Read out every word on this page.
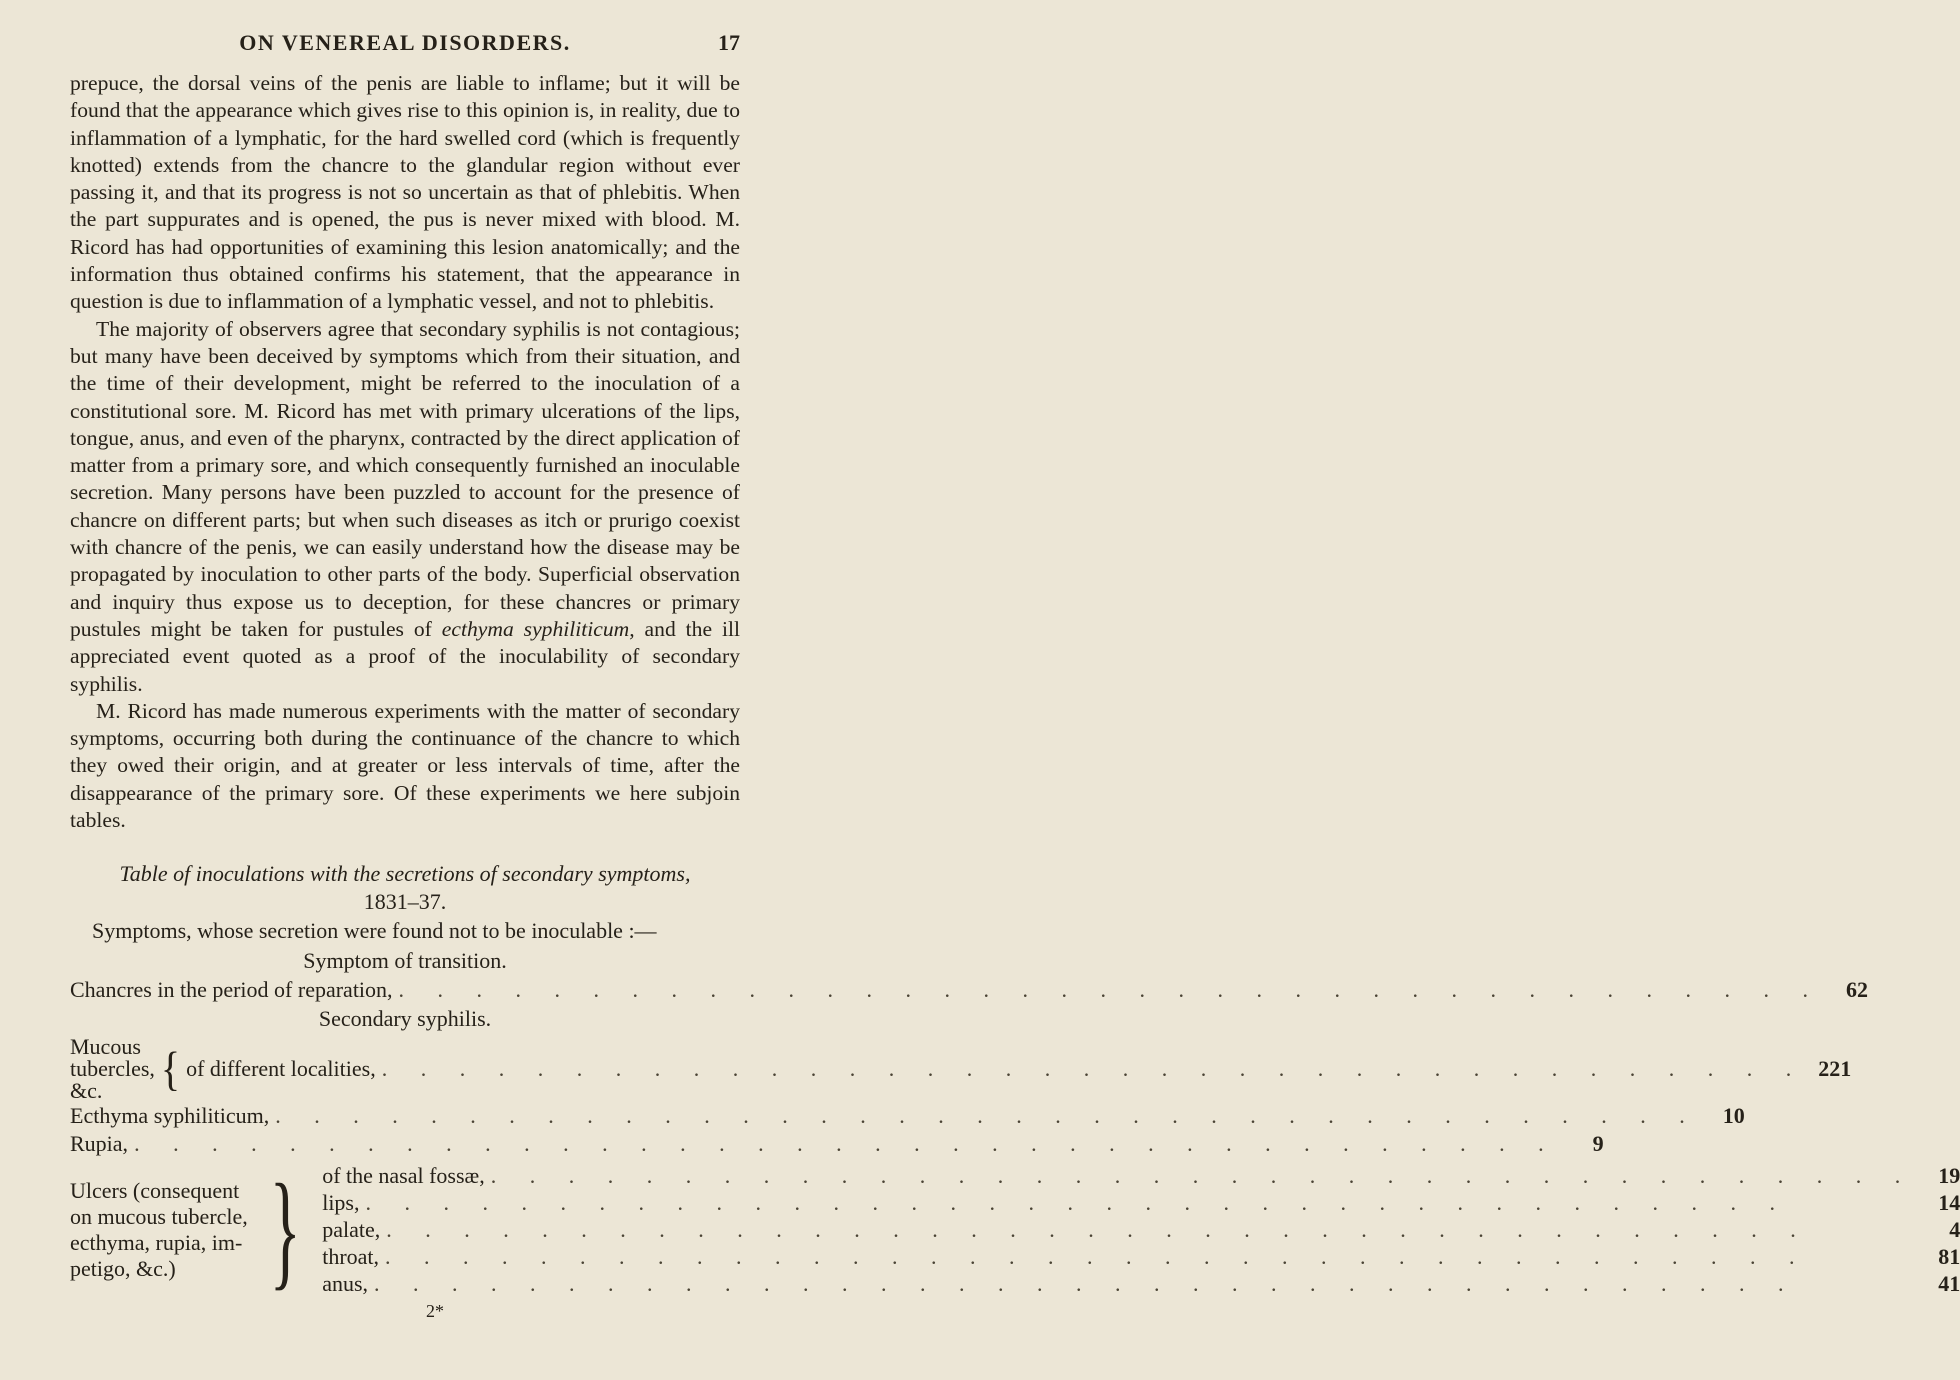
ON VENEREAL DISORDERS.	17

prepuce, the dorsal veins of the penis are liable to inflame; but it will be found that the appearance which gives rise to this opinion is, in reality, due to inflammation of a lymphatic, for the hard swelled cord (which is frequently knotted) extends from the chancre to the glandular region without ever passing it, and that its progress is not so uncertain as that of phlebitis. When the part suppurates and is opened, the pus is never mixed with blood. M. Ricord has had opportunities of examining this lesion anatomically; and the information thus obtained confirms his statement, that the appearance in question is due to inflammation of a lymphatic vessel, and not to phlebitis.

The majority of observers agree that secondary syphilis is not contagious; but many have been deceived by symptoms which from their situation, and the time of their development, might be referred to the inoculation of a constitutional sore. M. Ricord has met with primary ulcerations of the lips, tongue, anus, and even of the pharynx, contracted by the direct application of matter from a primary sore, and which consequently furnished an inoculable secretion. Many persons have been puzzled to account for the presence of chancre on different parts; but when such diseases as itch or prurigo coexist with chancre of the penis, we can easily understand how the disease may be propagated by inoculation to other parts of the body. Superficial observation and inquiry thus expose us to deception, for these chancres or primary pustules might be taken for pustules of ecthyma syphiliticum, and the ill appreciated event quoted as a proof of the inoculability of secondary syphilis.

M. Ricord has made numerous experiments with the matter of secondary symptoms, occurring both during the continuance of the chancre to which they owed their origin, and at greater or less intervals of time, after the disappearance of the primary sore. Of these experiments we here subjoin tables.

Table of inoculations with the secretions of secondary symptoms,
1831–37.

Symptoms, whose secretion were found not to be inoculable :—

Symptom of transition.

Chancres in the period of reparation, . . .	62

Secondary syphilis.

Mucous
tubercles, &c.	{ of different localities, . . .	221
Ecthyma syphiliticum, . . .	10
Rupia, . . .	9
Ulcers (consequent
on mucous tubercle,
ecthyma, rupia, im-
petigo, &c.) } of the nasal fossæ, . . .	19
lips, . . .	14
palate, . . .	4
throat, . . .	81
anus, . . .	41
2*
